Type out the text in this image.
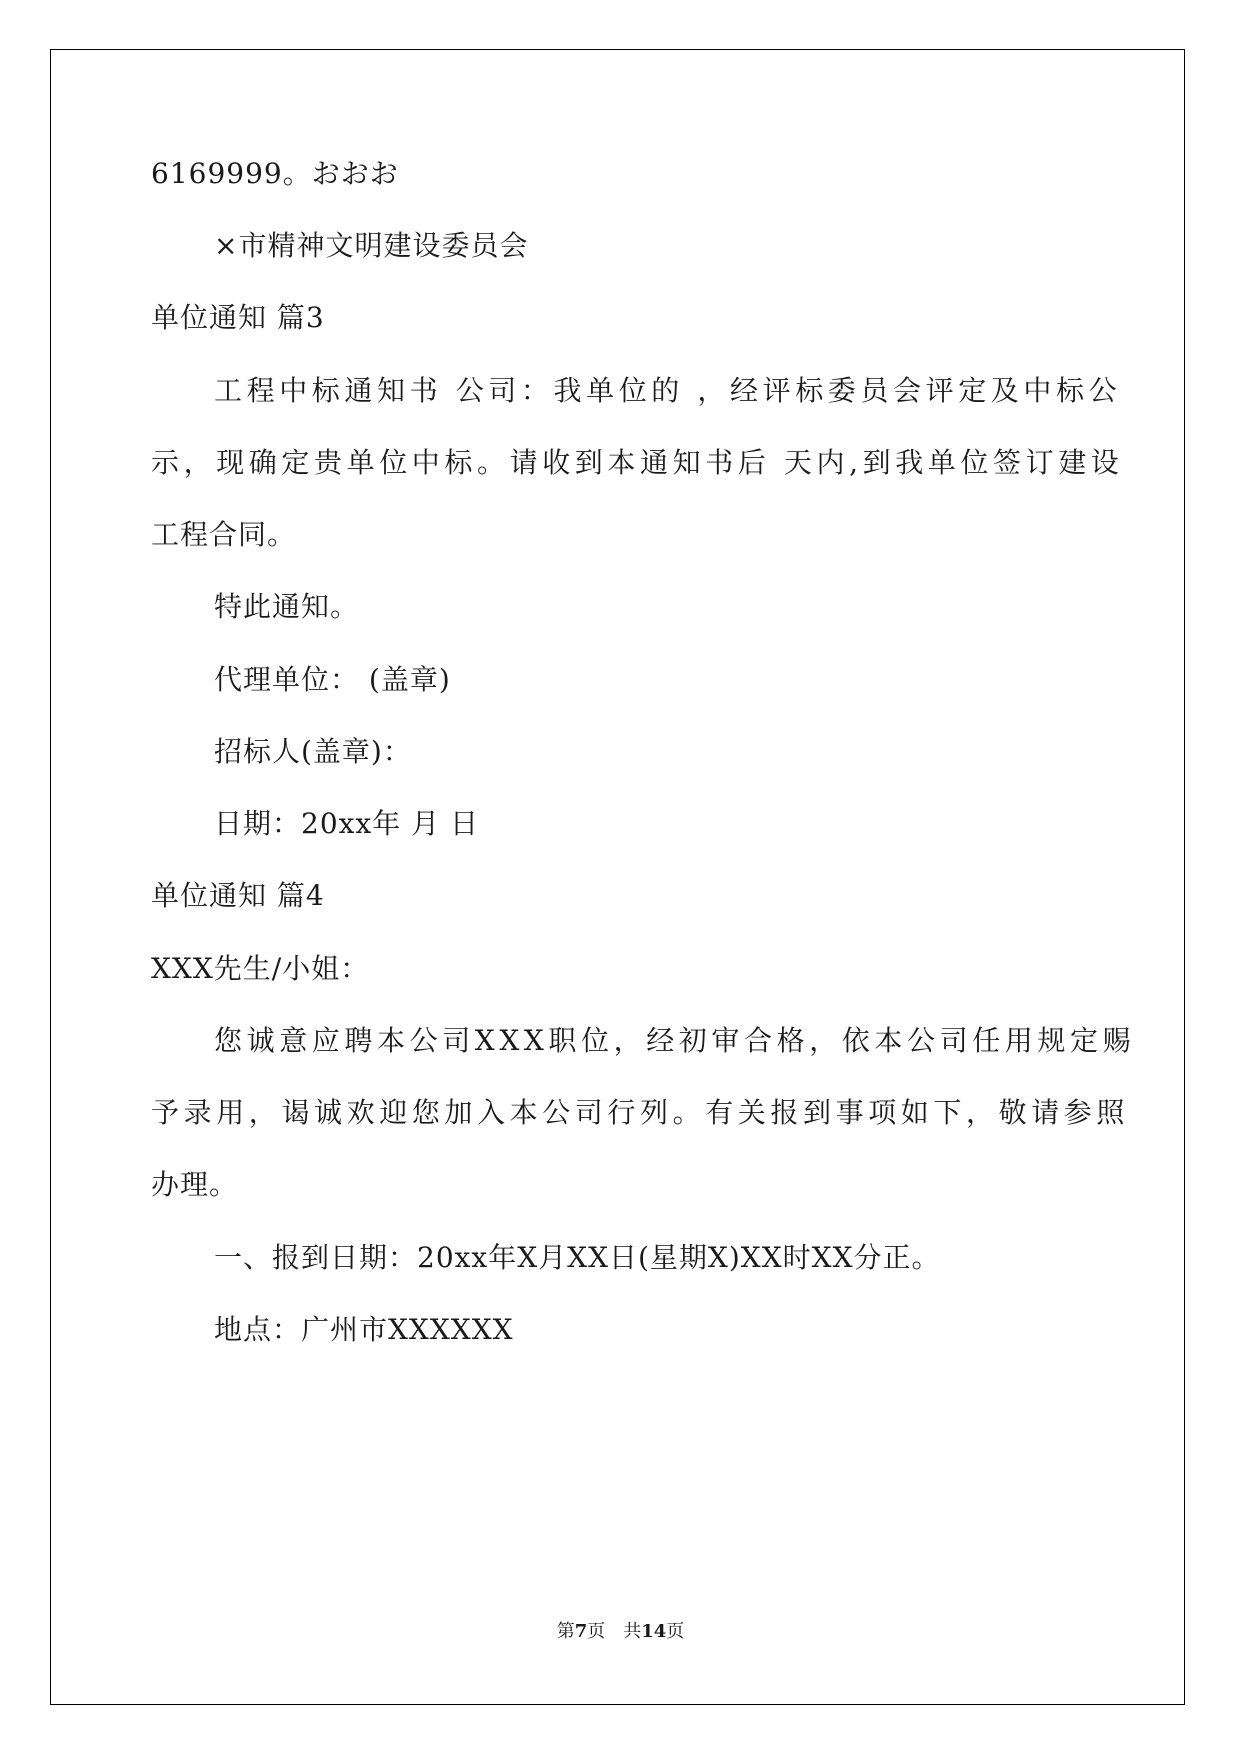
6169999。おおお
×市精神文明建设委员会
单位通知 篇3
工程中标通知书 公司：我单位的 ，经评标委员会评定及中标公
示，现确定贵单位中标。请收到本通知书后 天内,到我单位签订建设
工程合同。
特此通知。
代理单位： (盖章)
招标人(盖章)：
日期：20xx年 月 日
单位通知 篇4
XXX先生/小姐：
您诚意应聘本公司XXX职位，经初审合格，依本公司任用规定赐
予录用，谒诚欢迎您加入本公司行列。有关报到事项如下，敬请参照
办理。
一、报到日期：20xx年X月XX日(星期X)XX时XX分正。
地点：广州市XXXXXX
第7页　共14页
